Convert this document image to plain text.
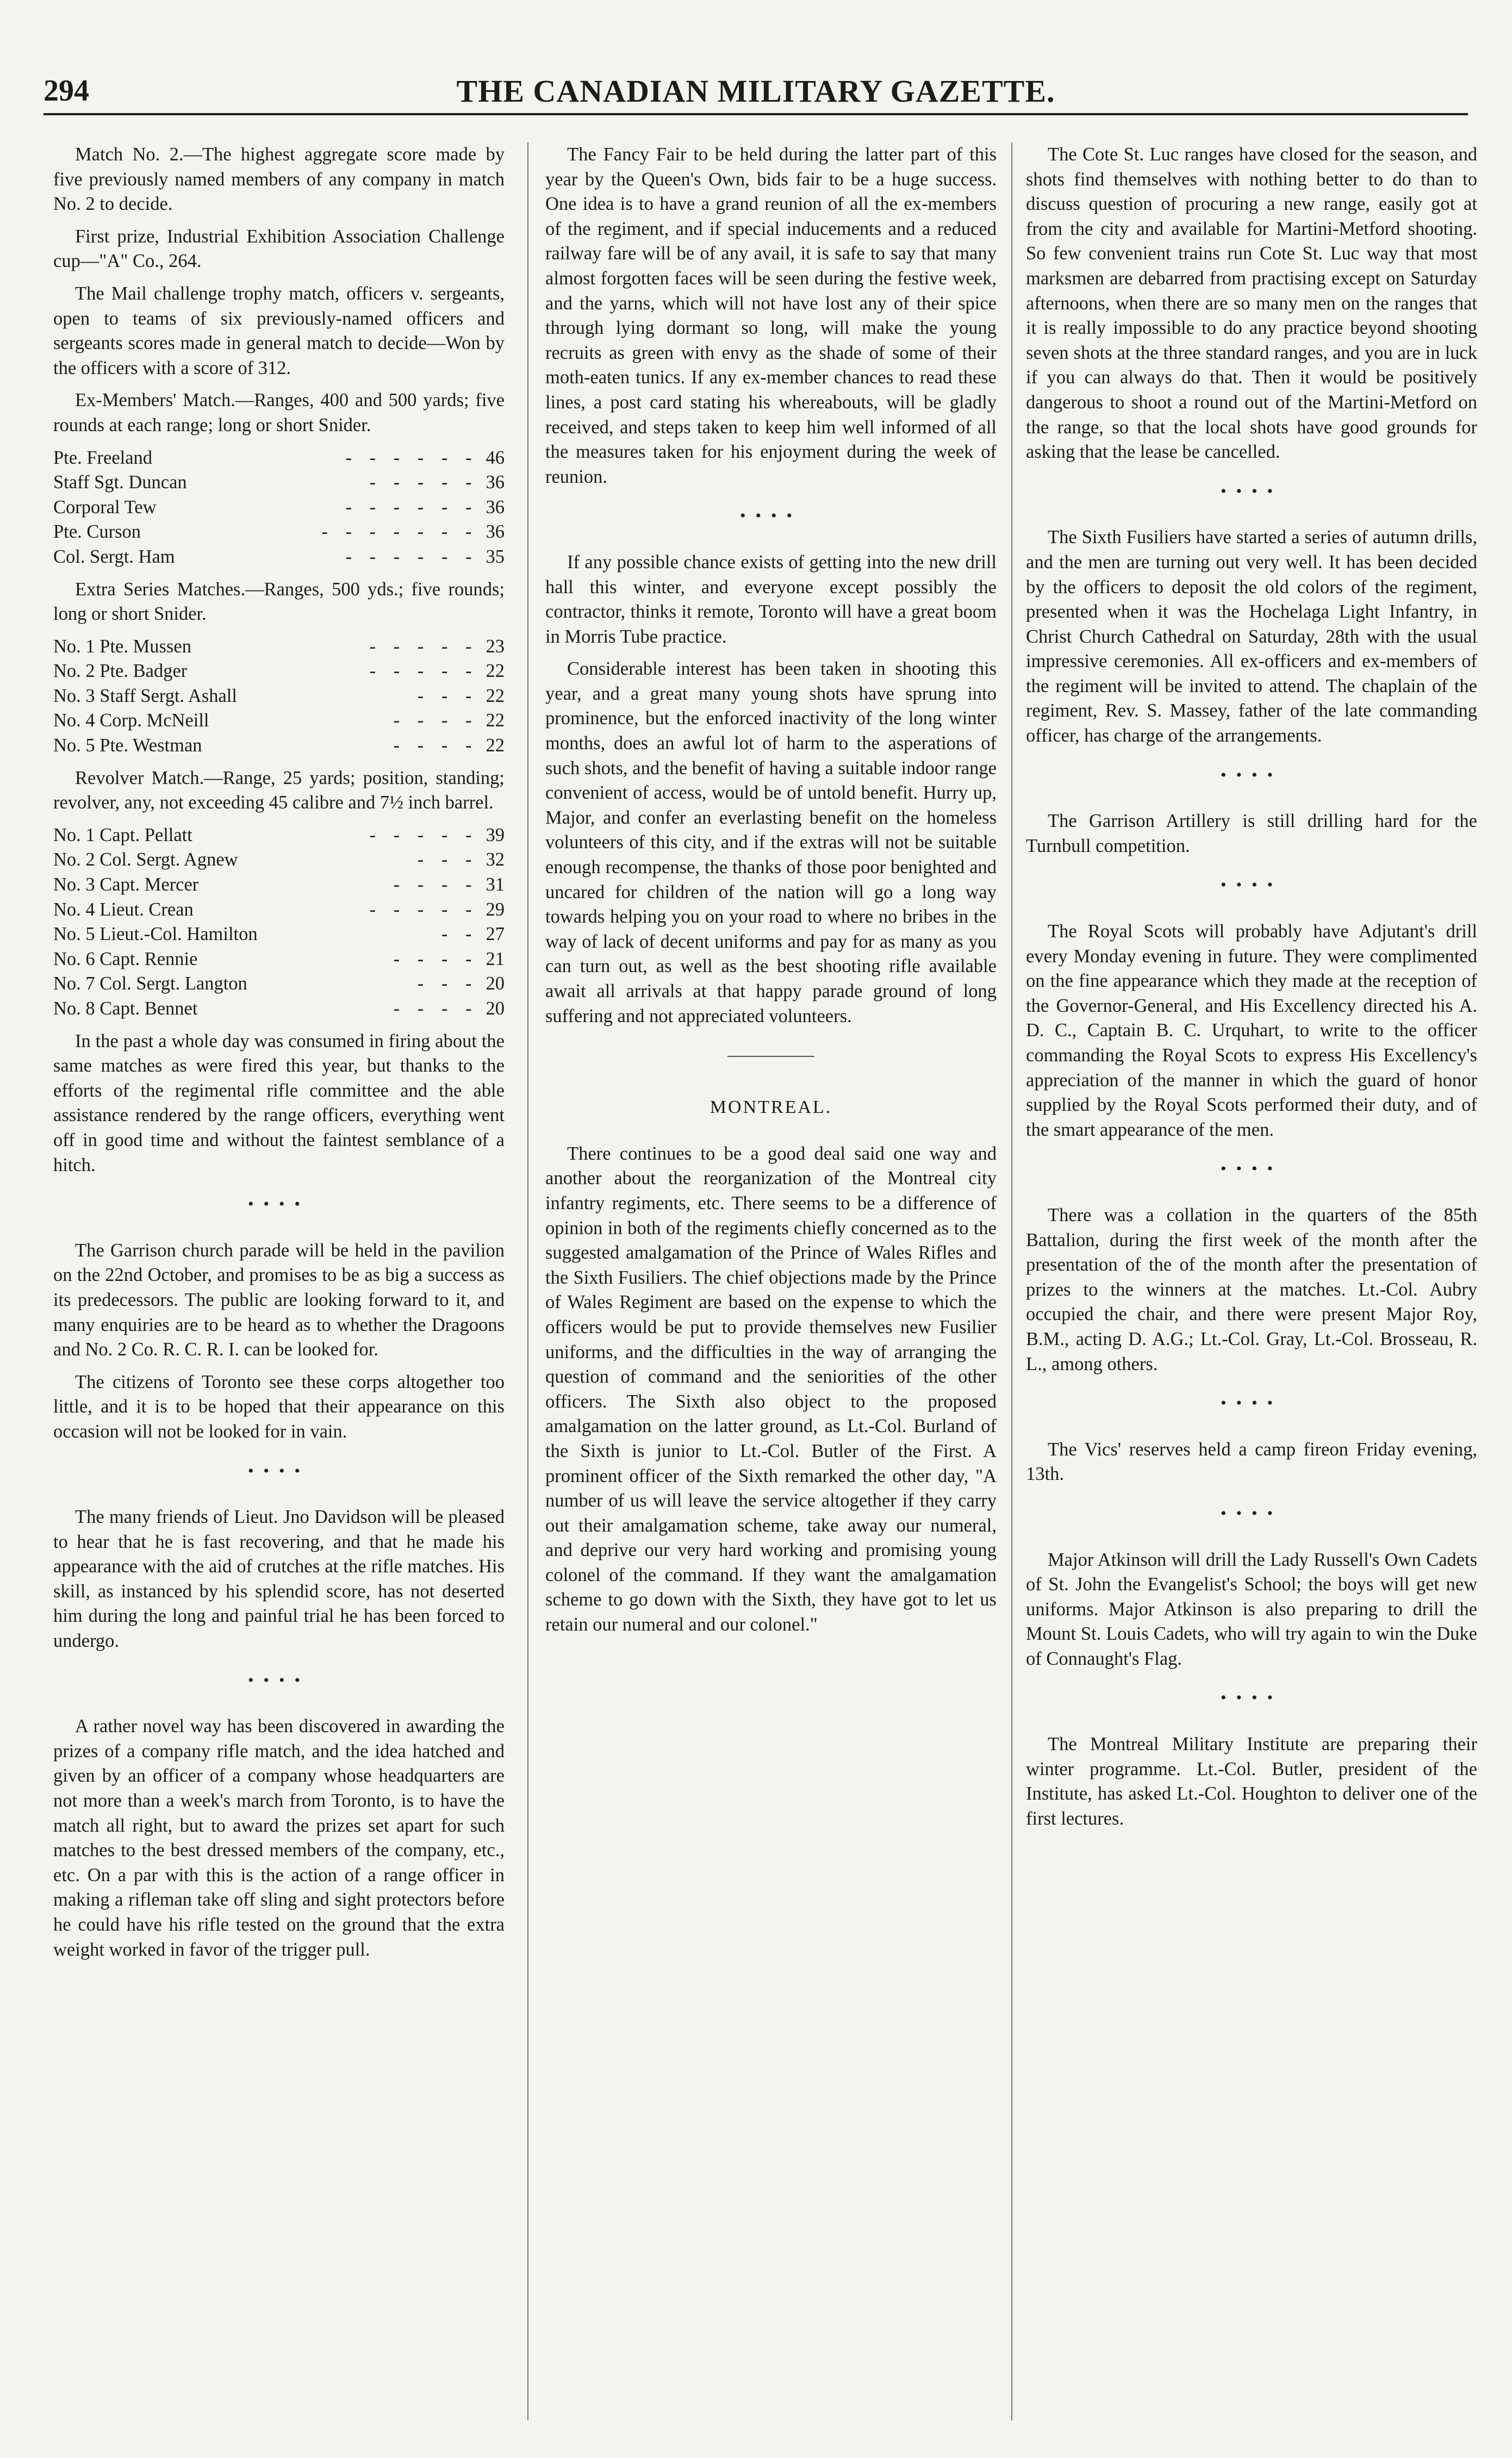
294	THE CANADIAN MILITARY GAZETTE.

Match No. 2.—The highest aggregate score made by five previously named members of any company in match No. 2 to decide.

First prize, Industrial Exhibition Association Challenge cup—"A" Co., 264.

The Mail challenge trophy match, officers v. sergeants, open to teams of six previously-named officers and sergeants scores made in general match to decide—Won by the officers with a score of 312.

Ex-Members' Match.—Ranges, 400 and 500 yards; five rounds at each range; long or short Snider.

Pte. Freeland	- - - - - - 46
Staff Sgt. Duncan	- - - - - 36
Corporal Tew	- - - - - - 36
Pte. Curson	- - - - - - - 36
Col. Sergt. Ham	- - - - - - 35

Extra Series Matches.—Ranges, 500 yds.; five rounds; long or short Snider.

No. 1 Pte. Mussen	- - - - - 23
No. 2 Pte. Badger	- - - - - 22
No. 3 Staff Sergt. Ashall	- - - 22
No. 4 Corp. McNeill	- - - - 22
No. 5 Pte. Westman	- - - - 22

Revolver Match.—Range, 25 yards; position, standing; revolver, any, not exceeding 45 calibre and 7½ inch barrel.

No. 1 Capt. Pellatt	- - - - - 39
No. 2 Col. Sergt. Agnew	- - - 32
No. 3 Capt. Mercer	- - - - 31
No. 4 Lieut. Crean	- - - - - 29
No. 5 Lieut.-Col. Hamilton	- - 27
No. 6 Capt. Rennie	- - - - 21
No. 7 Col. Sergt. Langton	- - - 20
No. 8 Capt. Bennet	- - - - 20

In the past a whole day was consumed in firing about the same matches as were fired this year, but thanks to the efforts of the regimental rifle committee and the able assistance rendered by the range officers, everything went off in good time and without the faintest semblance of a hitch.

••••

The Garrison church parade will be held in the pavilion on the 22nd October, and promises to be as big a success as its predecessors. The public are looking forward to it, and many enquiries are to be heard as to whether the Dragoons and No. 2 Co. R. C. R. I. can be looked for.

The citizens of Toronto see these corps altogether too little, and it is to be hoped that their appearance on this occasion will not be looked for in vain.

••••

The many friends of Lieut. Jno Davidson will be pleased to hear that he is fast recovering, and that he made his appearance with the aid of crutches at the rifle matches. His skill, as instanced by his splendid score, has not deserted him during the long and painful trial he has been forced to undergo.

••••

A rather novel way has been discovered in awarding the prizes of a company rifle match, and the idea hatched and given by an officer of a company whose headquarters are not more than a week's march from Toronto, is to have the match all right, but to award the prizes set apart for such matches to the best dressed members of the company, etc., etc. On a par with this is the action of a range officer in making a rifleman take off sling and sight protectors before he could have his rifle tested on the ground that the extra weight worked in favor of the trigger pull.

The Fancy Fair to be held during the latter part of this year by the Queen's Own, bids fair to be a huge success. One idea is to have a grand reunion of all the ex-members of the regiment, and if special inducements and a reduced railway fare will be of any avail, it is safe to say that many almost forgotten faces will be seen during the festive week, and the yarns, which will not have lost any of their spice through lying dormant so long, will make the young recruits as green with envy as the shade of some of their moth-eaten tunics. If any ex-member chances to read these lines, a post card stating his whereabouts, will be gladly received, and steps taken to keep him well informed of all the measures taken for his enjoyment during the week of reunion.

••••

If any possible chance exists of getting into the new drill hall this winter, and everyone except possibly the contractor, thinks it remote, Toronto will have a great boom in Morris Tube practice.

Considerable interest has been taken in shooting this year, and a great many young shots have sprung into prominence, but the enforced inactivity of the long winter months, does an awful lot of harm to the asperations of such shots, and the benefit of having a suitable indoor range convenient of access, would be of untold benefit. Hurry up, Major, and confer an everlasting benefit on the homeless volunteers of this city, and if the extras will not be suitable enough recompense, the thanks of those poor benighted and uncared for children of the nation will go a long way towards helping you on your road to where no bribes in the way of lack of decent uniforms and pay for as many as you can turn out, as well as the best shooting rifle available await all arrivals at that happy parade ground of long suffering and not appreciated volunteers.

MONTREAL.

There continues to be a good deal said one way and another about the reorganization of the Montreal city infantry regiments, etc. There seems to be a difference of opinion in both of the regiments chiefly concerned as to the suggested amalgamation of the Prince of Wales Rifles and the Sixth Fusiliers. The chief objections made by the Prince of Wales Regiment are based on the expense to which the officers would be put to provide themselves new Fusilier uniforms, and the difficulties in the way of arranging the question of command and the seniorities of the other officers. The Sixth also object to the proposed amalgamation on the latter ground, as Lt.-Col. Burland of the Sixth is junior to Lt.-Col. Butler of the First. A prominent officer of the Sixth remarked the other day, "A number of us will leave the service altogether if they carry out their amalgamation scheme, take away our numeral, and deprive our very hard working and promising young colonel of the command. If they want the amalgamation scheme to go down with the Sixth, they have got to let us retain our numeral and our colonel."

The Cote St. Luc ranges have closed for the season, and shots find themselves with nothing better to do than to discuss question of procuring a new range, easily got at from the city and available for Martini-Metford shooting. So few convenient trains run Cote St. Luc way that most marksmen are debarred from practising except on Saturday afternoons, when there are so many men on the ranges that it is really impossible to do any practice beyond shooting seven shots at the three standard ranges, and you are in luck if you can always do that. Then it would be positively dangerous to shoot a round out of the Martini-Metford on the range, so that the local shots have good grounds for asking that the lease be cancelled.

••••

The Sixth Fusiliers have started a series of autumn drills, and the men are turning out very well. It has been decided by the officers to deposit the old colors of the regiment, presented when it was the Hochelaga Light Infantry, in Christ Church Cathedral on Saturday, 28th with the usual impressive ceremonies. All ex-officers and ex-members of the regiment will be invited to attend. The chaplain of the regiment, Rev. S. Massey, father of the late commanding officer, has charge of the arrangements.

••••

The Garrison Artillery is still drilling hard for the Turnbull competition.

••••

The Royal Scots will probably have Adjutant's drill every Monday evening in future. They were complimented on the fine appearance which they made at the reception of the Governor-General, and His Excellency directed his A. D. C., Captain B. C. Urquhart, to write to the officer commanding the Royal Scots to express His Excellency's appreciation of the manner in which the guard of honor supplied by the Royal Scots performed their duty, and of the smart appearance of the men.

••••

There was a collation in the quarters of the 85th Battalion, during the first week of the month after the presentation of the of the month after the presentation of prizes to the winners at the matches. Lt.-Col. Aubry occupied the chair, and there were present Major Roy, B.M., acting D. A.G.; Lt.-Col. Gray, Lt.-Col. Brosseau, R. L., among others.

••••

The Vics' reserves held a camp fireon Friday evening, 13th.

••••

Major Atkinson will drill the Lady Russell's Own Cadets of St. John the Evangelist's School; the boys will get new uniforms. Major Atkinson is also preparing to drill the Mount St. Louis Cadets, who will try again to win the Duke of Connaught's Flag.

••••

The Montreal Military Institute are preparing their winter programme. Lt.-Col. Butler, president of the Institute, has asked Lt.-Col. Houghton to deliver one of the first lectures.
